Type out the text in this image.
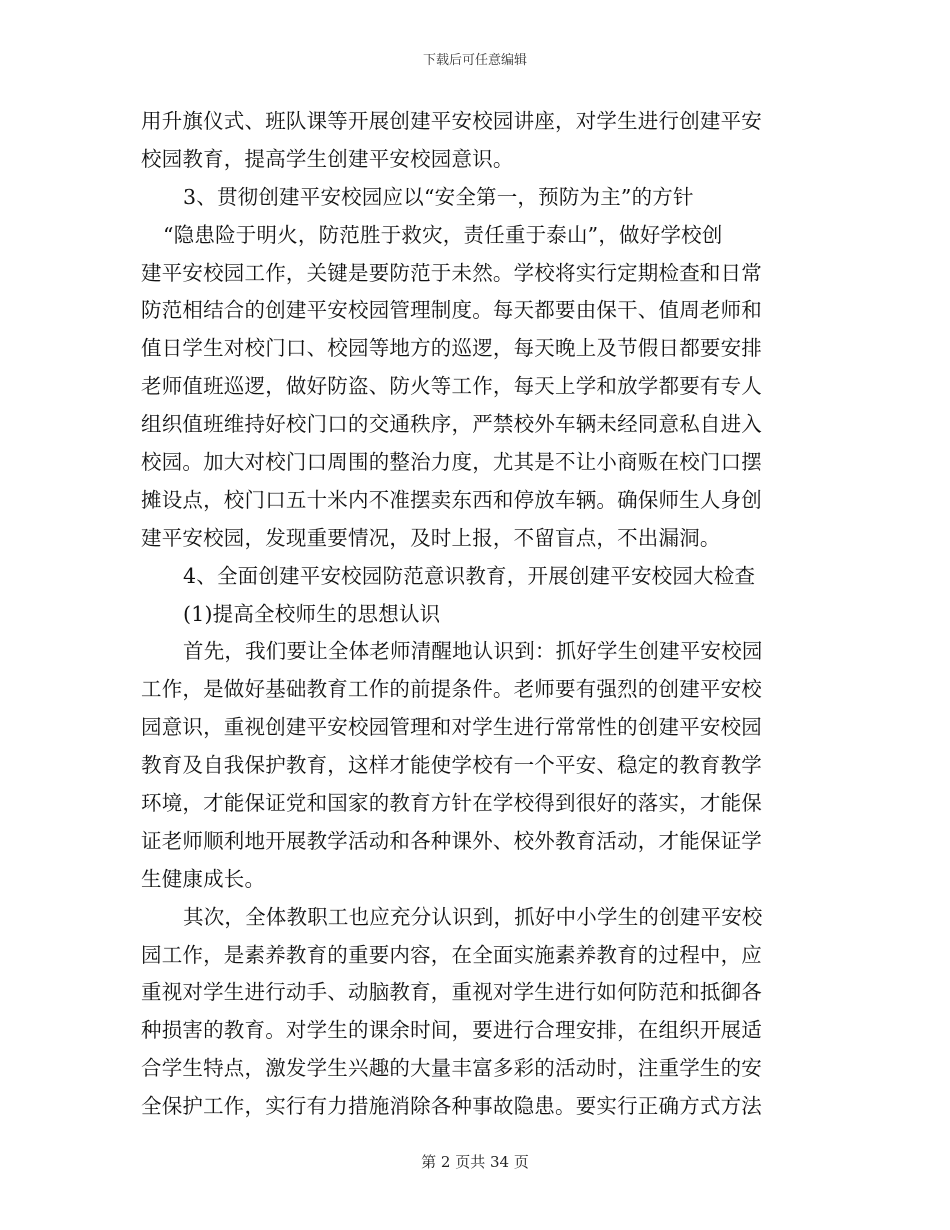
下载后可任意编辑
用升旗仪式、班队课等开展创建平安校园讲座，对学生进行创建平安
校园教育，提高学生创建平安校园意识。
3、贯彻创建平安校园应以“安全第一，预防为主”的方针
“隐患险于明火，防范胜于救灾，责任重于泰山”，做好学校创
建平安校园工作，关键是要防范于未然。学校将实行定期检查和日常
防范相结合的创建平安校园管理制度。每天都要由保干、值周老师和
值日学生对校门口、校园等地方的巡逻，每天晚上及节假日都要安排
老师值班巡逻，做好防盗、防火等工作，每天上学和放学都要有专人
组织值班维持好校门口的交通秩序，严禁校外车辆未经同意私自进入
校园。加大对校门口周围的整治力度，尤其是不让小商贩在校门口摆
摊设点，校门口五十米内不准摆卖东西和停放车辆。确保师生人身创
建平安校园，发现重要情况，及时上报，不留盲点，不出漏洞。
4、全面创建平安校园防范意识教育，开展创建平安校园大检查
(1)提高全校师生的思想认识
首先，我们要让全体老师清醒地认识到：抓好学生创建平安校园
工作，是做好基础教育工作的前提条件。老师要有强烈的创建平安校
园意识，重视创建平安校园管理和对学生进行常常性的创建平安校园
教育及自我保护教育，这样才能使学校有一个平安、稳定的教育教学
环境，才能保证党和国家的教育方针在学校得到很好的落实，才能保
证老师顺利地开展教学活动和各种课外、校外教育活动，才能保证学
生健康成长。
其次，全体教职工也应充分认识到，抓好中小学生的创建平安校
园工作，是素养教育的重要内容，在全面实施素养教育的过程中，应
重视对学生进行动手、动脑教育，重视对学生进行如何防范和抵御各
种损害的教育。对学生的课余时间，要进行合理安排，在组织开展适
合学生特点，激发学生兴趣的大量丰富多彩的活动时，注重学生的安
全保护工作，实行有力措施消除各种事故隐患。要实行正确方式方法
第 2 页共 34 页
